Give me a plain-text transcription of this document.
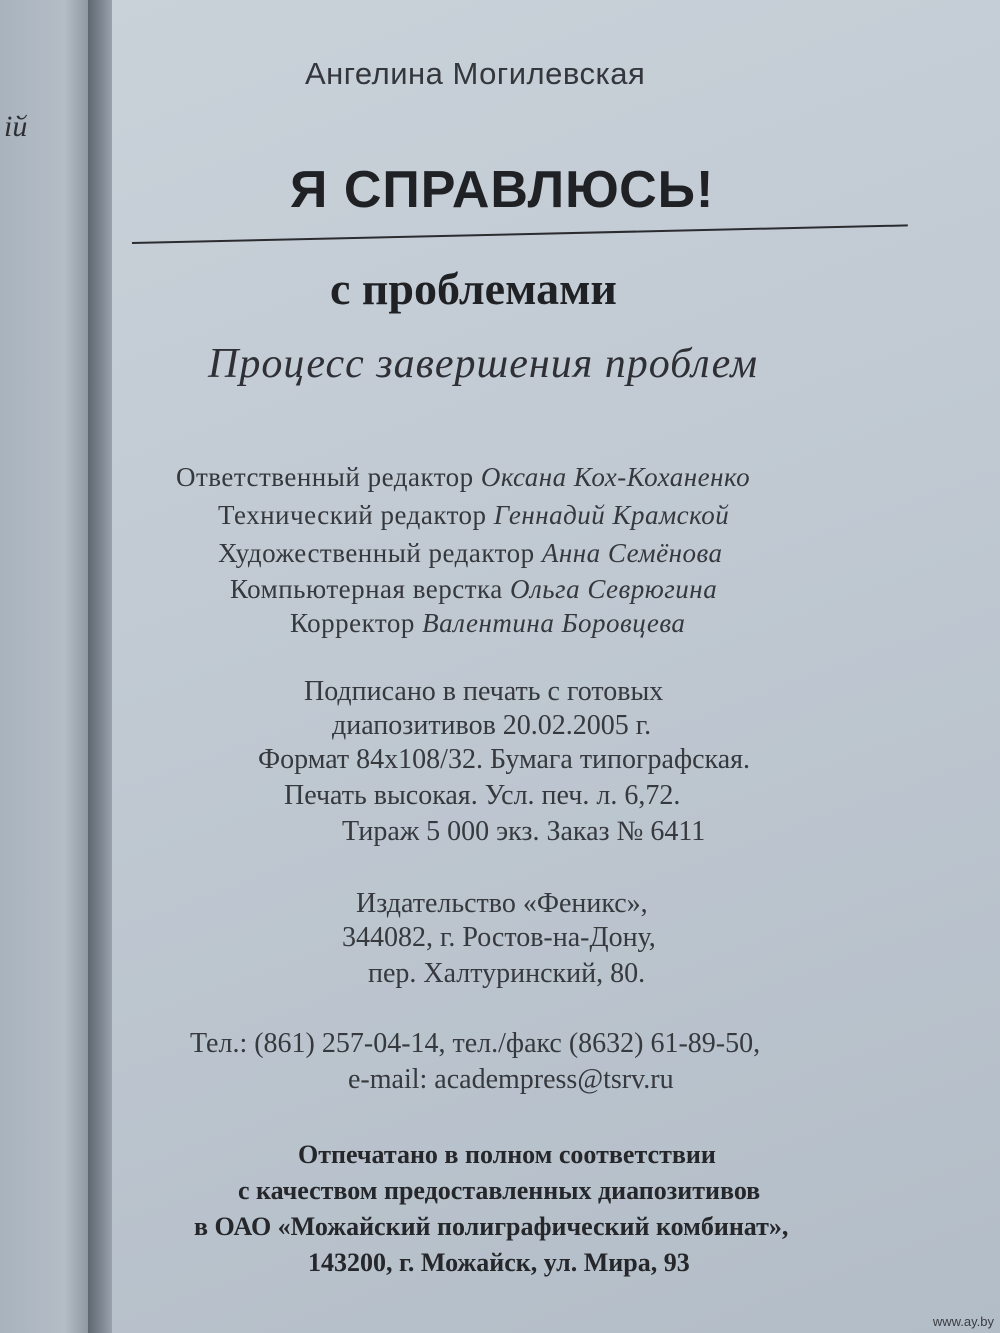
ій
Ангелина Могилевская
Я СПРАВЛЮСЬ!
с проблемами
Процесс завершения проблем
Ответственный редактор Оксана Кох-Коханенко
Технический редактор Геннадий Крамской
Художественный редактор Анна Семёнова
Компьютерная верстка Ольга Севрюгина
Корректор Валентина Боровцева
Подписано в печать с готовых
диапозитивов 20.02.2005 г.
Формат 84x108/32. Бумага типографская.
Печать высокая. Усл. печ. л. 6,72.
Тираж 5 000 экз. Заказ № 6411
Издательство «Феникс»,
344082, г. Ростов-на-Дону,
пер. Халтуринский, 80.
Тел.: (861) 257-04-14, тел./факс (8632) 61-89-50,
e-mail: academpress@tsrv.ru
Отпечатано в полном соответствии
с качеством предоставленных диапозитивов
в ОАО «Можайский полиграфический комбинат»,
143200, г. Можайск, ул. Мира, 93
www.ay.by
